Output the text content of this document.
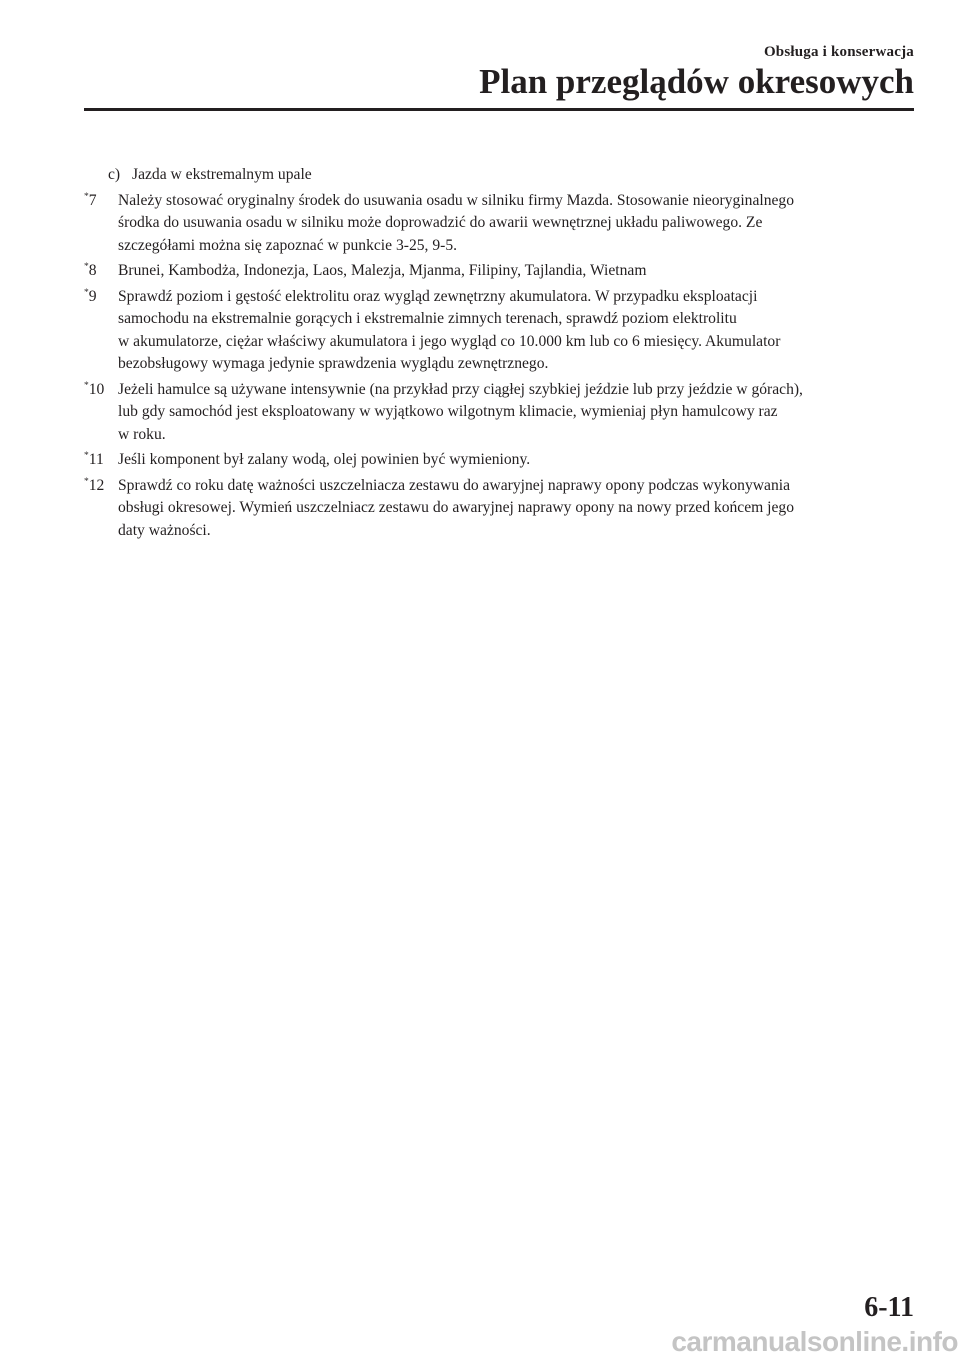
Obsługa i konserwacja
Plan przeglądów okresowych
c) Jazda w ekstremalnym upale
*7	Należy stosować oryginalny środek do usuwania osadu w silniku firmy Mazda. Stosowanie nieoryginalnego
środka do usuwania osadu w silniku może doprowadzić do awarii wewnętrznej układu paliwowego. Ze
szczegółami można się zapoznać w punkcie 3-25, 9-5.
*8	Brunei, Kambodża, Indonezja, Laos, Malezja, Mjanma, Filipiny, Tajlandia, Wietnam
*9	Sprawdź poziom i gęstość elektrolitu oraz wygląd zewnętrzny akumulatora. W przypadku eksploatacji
samochodu na ekstremalnie gorących i ekstremalnie zimnych terenach, sprawdź poziom elektrolitu
w akumulatorze, ciężar właściwy akumulatora i jego wygląd co 10.000 km lub co 6 miesięcy. Akumulator
bezobsługowy wymaga jedynie sprawdzenia wyglądu zewnętrznego.
*10 Jeżeli hamulce są używane intensywnie (na przykład przy ciągłej szybkiej jeździe lub przy jeździe w górach),
lub gdy samochód jest eksploatowany w wyjątkowo wilgotnym klimacie, wymieniaj płyn hamulcowy raz
w roku.
*11 Jeśli komponent był zalany wodą, olej powinien być wymieniony.
*12 Sprawdź co roku datę ważności uszczelniacza zestawu do awaryjnej naprawy opony podczas wykonywania
obsługi okresowej. Wymień uszczelniacz zestawu do awaryjnej naprawy opony na nowy przed końcem jego
daty ważności.
6-11
carmanualsonline.info
